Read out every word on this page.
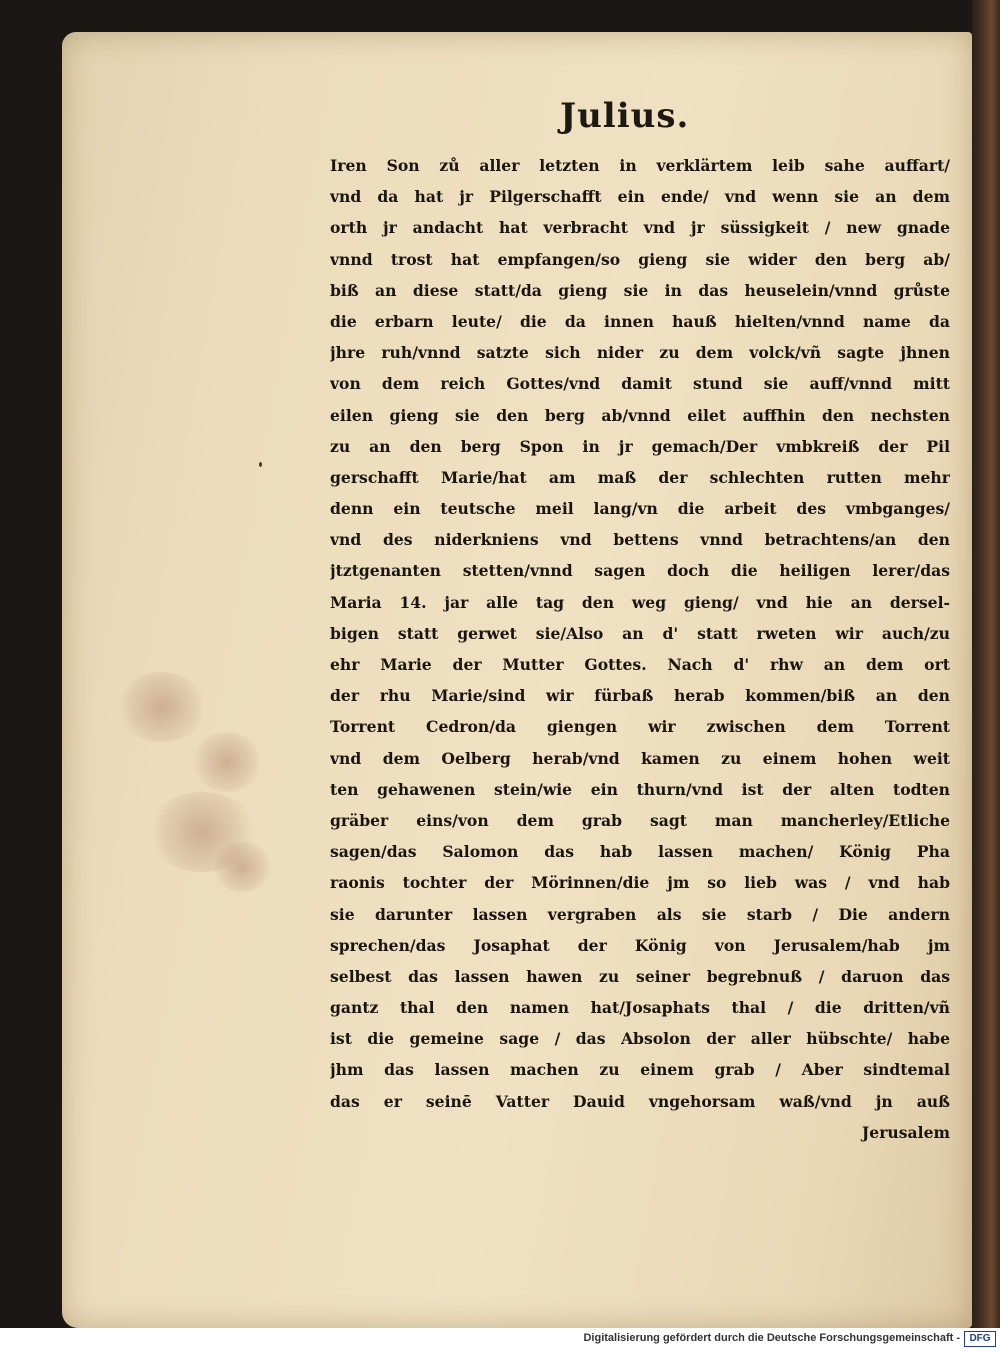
Julius.
Iren Son zů aller letzten in verklärtem leib sahe auffart/
vnd da hat jr Pilgerschafft ein ende/ vnd wenn sie an dem
orth jr andacht hat verbracht vnd jr süssigkeit / new gnade
vnnd trost hat empfangen/so gieng sie wider den berg ab/
biß an diese statt/da gieng sie in das heuselein/vnnd grůste
die erbarn leute/ die da innen hauß hielten/vnnd name da
jhre ruh/vnnd satzte sich nider zu dem volck/vñ sagte jhnen
von dem reich Gottes/vnd damit stund sie auff/vnnd mitt
eilen gieng sie den berg ab/vnnd eilet auffhin den nechsten
zu an den berg Spon in jr gemach/Der vmbkreiß der Pil
gerschafft Marie/hat am maß der schlechten rutten mehr
denn ein teutsche meil lang/vn die arbeit des vmbganges/
vnd des niderkniens vnd bettens vnnd betrachtens/an den
jtztgenanten stetten/vnnd sagen doch die heiligen lerer/das
Maria 14. jar alle tag den weg gieng/ vnd hie an dersel-
bigen statt gerwet sie/Also an d' statt rweten wir auch/zu
ehr Marie der Mutter Gottes. Nach d' rhw an dem ort
der rhu Marie/sind wir fürbaß herab kommen/biß an den
Torrent Cedron/da giengen wir zwischen dem Torrent
vnd dem Oelberg herab/vnd kamen zu einem hohen weit
ten gehawenen stein/wie ein thurn/vnd ist der alten todten
gräber eins/von dem grab sagt man mancherley/Etliche
sagen/das Salomon das hab lassen machen/ König Pha
raonis tochter der Mörinnen/die jm so lieb was / vnd hab
sie darunter lassen vergraben als sie starb / Die andern
sprechen/das Josaphat der König von Jerusalem/hab jm
selbest das lassen hawen zu seiner begrebnuß / daruon das
gantz thal den namen hat/Josaphats thal / die dritten/vñ
ist die gemeine sage / das Absolon der aller hübschte/ habe
jhm das lassen machen zu einem grab / Aber sindtemal
das er seinē Vatter Dauid vngehorsam waß/vnd jn auß
Jerusalem
Digitalisierung gefördert durch die Deutsche Forschungsgemeinschaft - DFG
